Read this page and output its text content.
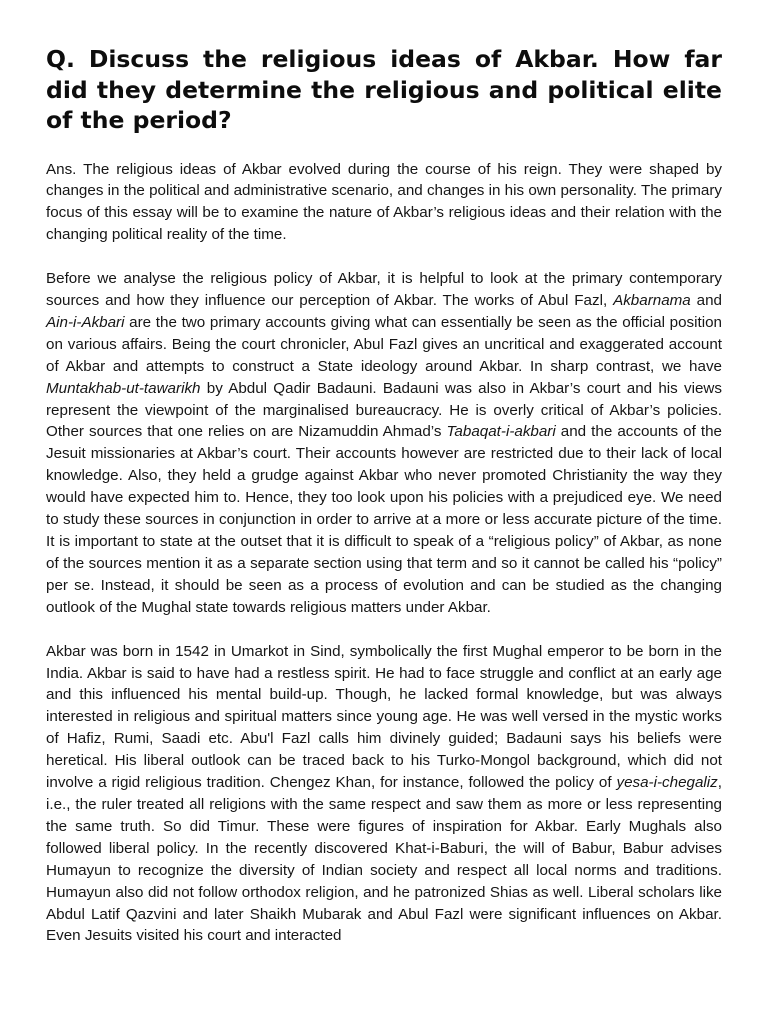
Q. Discuss the religious ideas of Akbar. How far did they determine the religious and political elite of the period?

Ans. The religious ideas of Akbar evolved during the course of his reign. They were shaped by changes in the political and administrative scenario, and changes in his own personality. The primary focus of this essay will be to examine the nature of Akbar’s religious ideas and their relation with the changing political reality of the time.

Before we analyse the religious policy of Akbar, it is helpful to look at the primary contemporary sources and how they influence our perception of Akbar. The works of Abul Fazl, Akbarnama and Ain-i-Akbari are the two primary accounts giving what can essentially be seen as the official position on various affairs. Being the court chronicler, Abul Fazl gives an uncritical and exaggerated account of Akbar and attempts to construct a State ideology around Akbar. In sharp contrast, we have Muntakhab-ut-tawarikh by Abdul Qadir Badauni. Badauni was also in Akbar’s court and his views represent the viewpoint of the marginalised bureaucracy. He is overly critical of Akbar’s policies. Other sources that one relies on are Nizamuddin Ahmad’s Tabaqat-i-akbari and the accounts of the Jesuit missionaries at Akbar’s court. Their accounts however are restricted due to their lack of local knowledge. Also, they held a grudge against Akbar who never promoted Christianity the way they would have expected him to. Hence, they too look upon his policies with a prejudiced eye. We need to study these sources in conjunction in order to arrive at a more or less accurate picture of the time. It is important to state at the outset that it is difficult to speak of a “religious policy” of Akbar, as none of the sources mention it as a separate section using that term and so it cannot be called his “policy” per se. Instead, it should be seen as a process of evolution and can be studied as the changing outlook of the Mughal state towards religious matters under Akbar.

Akbar was born in 1542 in Umarkot in Sind, symbolically the first Mughal emperor to be born in the India. Akbar is said to have had a restless spirit. He had to face struggle and conflict at an early age and this influenced his mental build-up. Though, he lacked formal knowledge, but was always interested in religious and spiritual matters since young age. He was well versed in the mystic works of Hafiz, Rumi, Saadi etc. Abu'l Fazl calls him divinely guided; Badauni says his beliefs were heretical. His liberal outlook can be traced back to his Turko-Mongol background, which did not involve a rigid religious tradition. Chengez Khan, for instance, followed the policy of yesa-i-chegaliz, i.e., the ruler treated all religions with the same respect and saw them as more or less representing the same truth. So did Timur. These were figures of inspiration for Akbar. Early Mughals also followed liberal policy. In the recently discovered Khat-i-Baburi, the will of Babur, Babur advises Humayun to recognize the diversity of Indian society and respect all local norms and traditions. Humayun also did not follow orthodox religion, and he patronized Shias as well. Liberal scholars like Abdul Latif Qazvini and later Shaikh Mubarak and Abul Fazl were significant influences on Akbar. Even Jesuits visited his court and interacted
